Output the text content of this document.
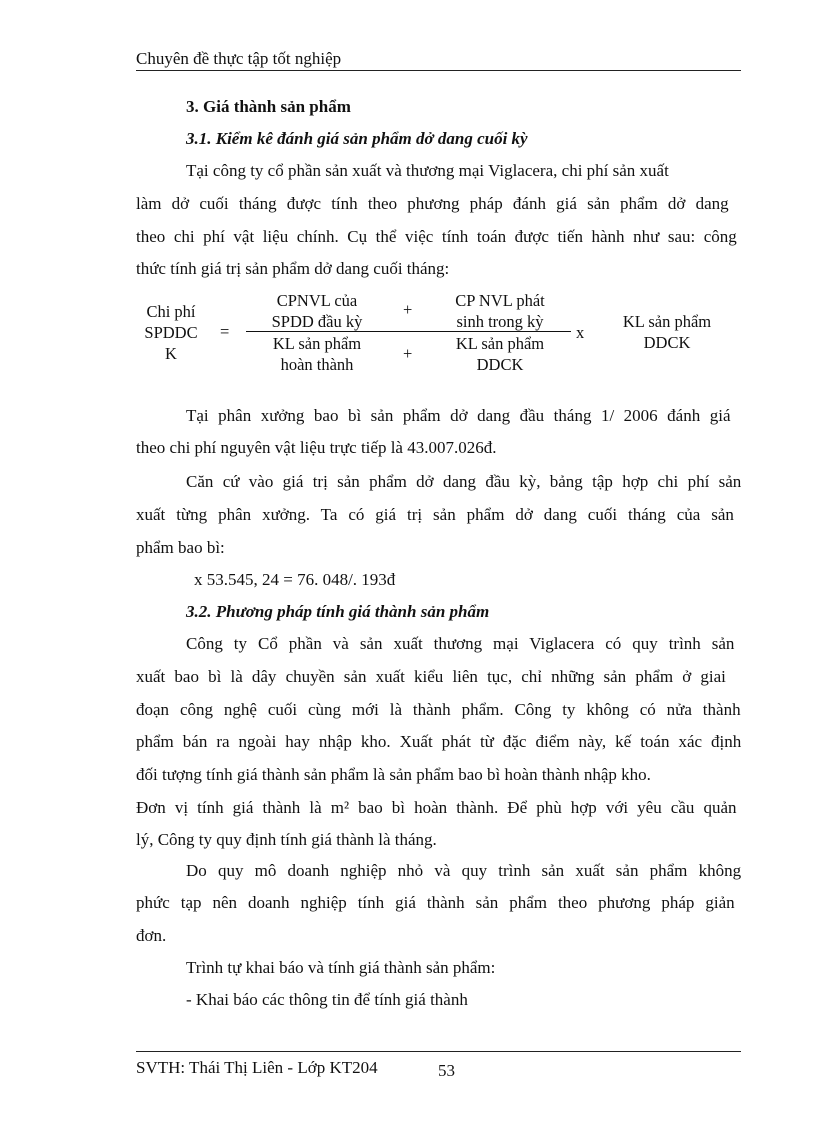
Chuyên đề thực tập tốt nghiệp
3. Giá thành sản phẩm
3.1. Kiểm kê đánh giá sản phẩm dở dang cuối kỳ
Tại công ty cổ phần sản xuất và thương mại Viglacera, chi phí sản xuất
làm dở cuối tháng được tính theo phương pháp đánh giá sản phẩm dở dang
theo chi phí vật liệu chính. Cụ thể việc tính toán được tiến hành như sau: công
thức tính giá trị sản phẩm dở dang cuối tháng:
Chi phí
SPDDC
K
=
CPNVL của
SPDD đầu kỳ
+	CP NVL phát
sinh trong kỳ
KL sản phẩm
hoàn thành
+
KL sản phẩm
DDCK
x
KL sản phẩm
DDCK
Tại phân xưởng bao bì sản phẩm dở dang đầu tháng 1/ 2006 đánh giá
theo chi phí nguyên vật liệu trực tiếp là 43.007.026đ.
Căn cứ vào giá trị sản phẩm dở dang đầu kỳ, bảng tập hợp chi phí sản
xuất từng phân xưởng. Ta có giá trị sản phẩm dở dang cuối tháng của sản
phẩm bao bì:
x 53.545, 24 = 76. 048/. 193đ
3.2. Phương pháp tính giá thành sản phẩm
Công ty Cổ phần và sản xuất thương mại Viglacera có quy trình sản
xuất bao bì là dây chuyền sản xuất kiểu liên tục, chỉ những sản phẩm ở giai
đoạn công nghệ cuối cùng mới là thành phẩm. Công ty không có nửa thành
phẩm bán ra ngoài hay nhập kho. Xuất phát từ đặc điểm này, kế toán xác định
đối tượng tính giá thành sản phẩm là sản phẩm bao bì hoàn thành nhập kho.
Đơn vị tính giá thành là m² bao bì hoàn thành. Để phù hợp với yêu cầu quản
lý, Công ty quy định tính giá thành là tháng.
Do quy mô doanh nghiệp nhỏ và quy trình sản xuất sản phẩm không
phức tạp nên doanh nghiệp tính giá thành sản phẩm theo phương pháp giản
đơn.
Trình tự khai báo và tính giá thành sản phẩm:
- Khai báo các thông tin để tính giá thành
SVTH: Thái Thị Liên - Lớp KT204	53
